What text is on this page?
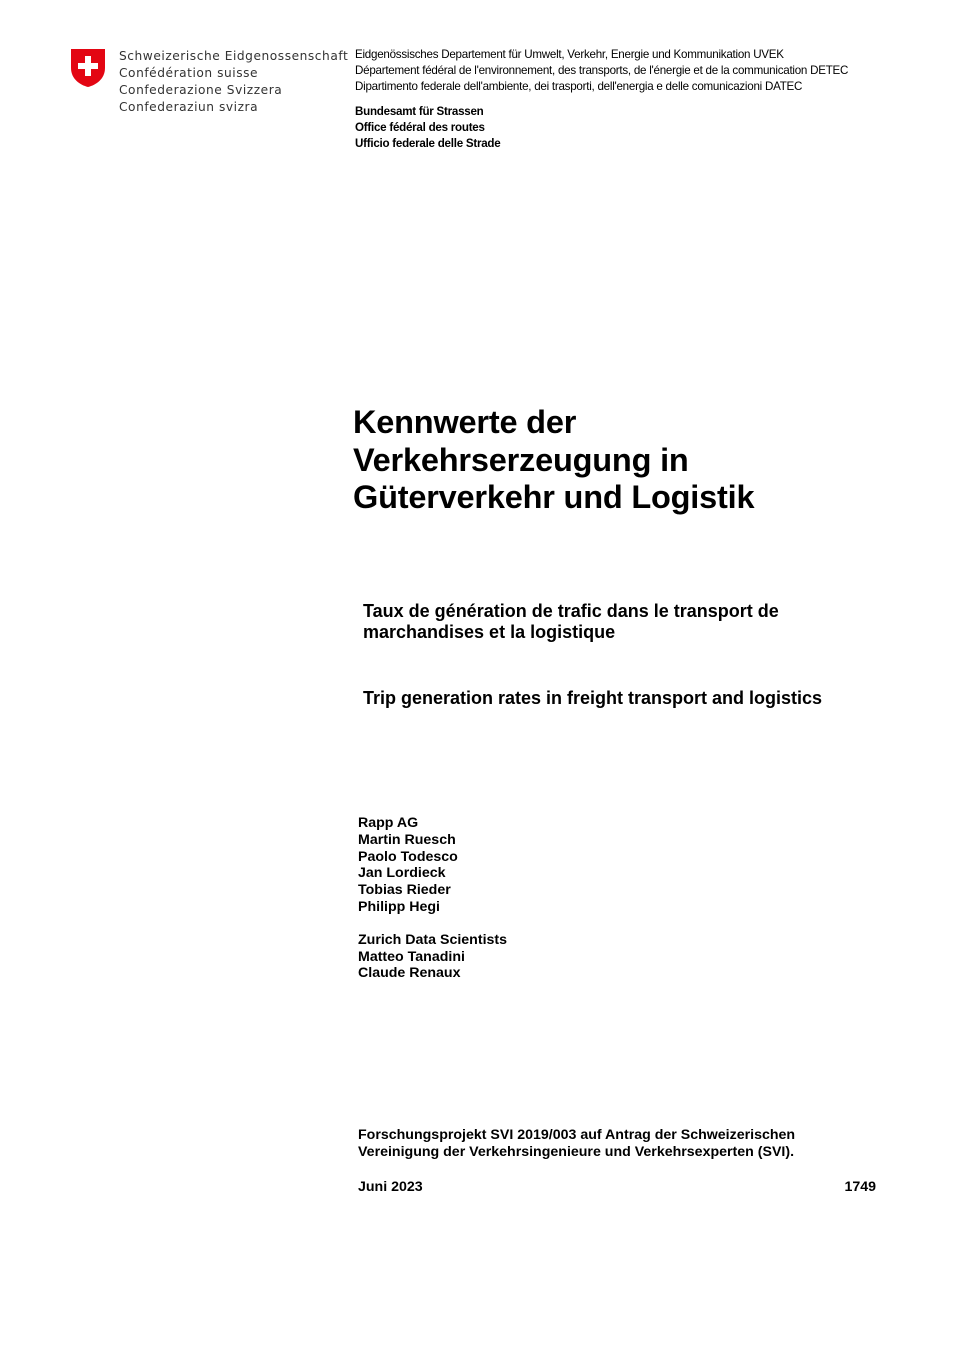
Schweizerische Eidgenossenschaft
Confédération suisse
Confederazione Svizzera
Confederaziun svizra
Eidgenössisches Departement für Umwelt, Verkehr, Energie und Kommunikation UVEK
Département fédéral de l'environnement, des transports, de l'énergie et de la communication DETEC
Dipartimento federale dell'ambiente, dei trasporti, dell'energia e delle comunicazioni DATEC
Bundesamt für Strassen
Office fédéral des routes
Ufficio federale delle Strade
Kennwerte der
Verkehrserzeugung in
Güterverkehr und Logistik
Taux de génération de trafic dans le transport de
marchandises et la logistique
Trip generation rates in freight transport and logistics
Rapp AG
Martin Ruesch
Paolo Todesco
Jan Lordieck
Tobias Rieder
Philipp Hegi
Zurich Data Scientists
Matteo Tanadini
Claude Renaux
Forschungsprojekt SVI 2019/003 auf Antrag der Schweizerischen
Vereinigung der Verkehrsingenieure und Verkehrsexperten (SVI).
Juni 2023	1749
